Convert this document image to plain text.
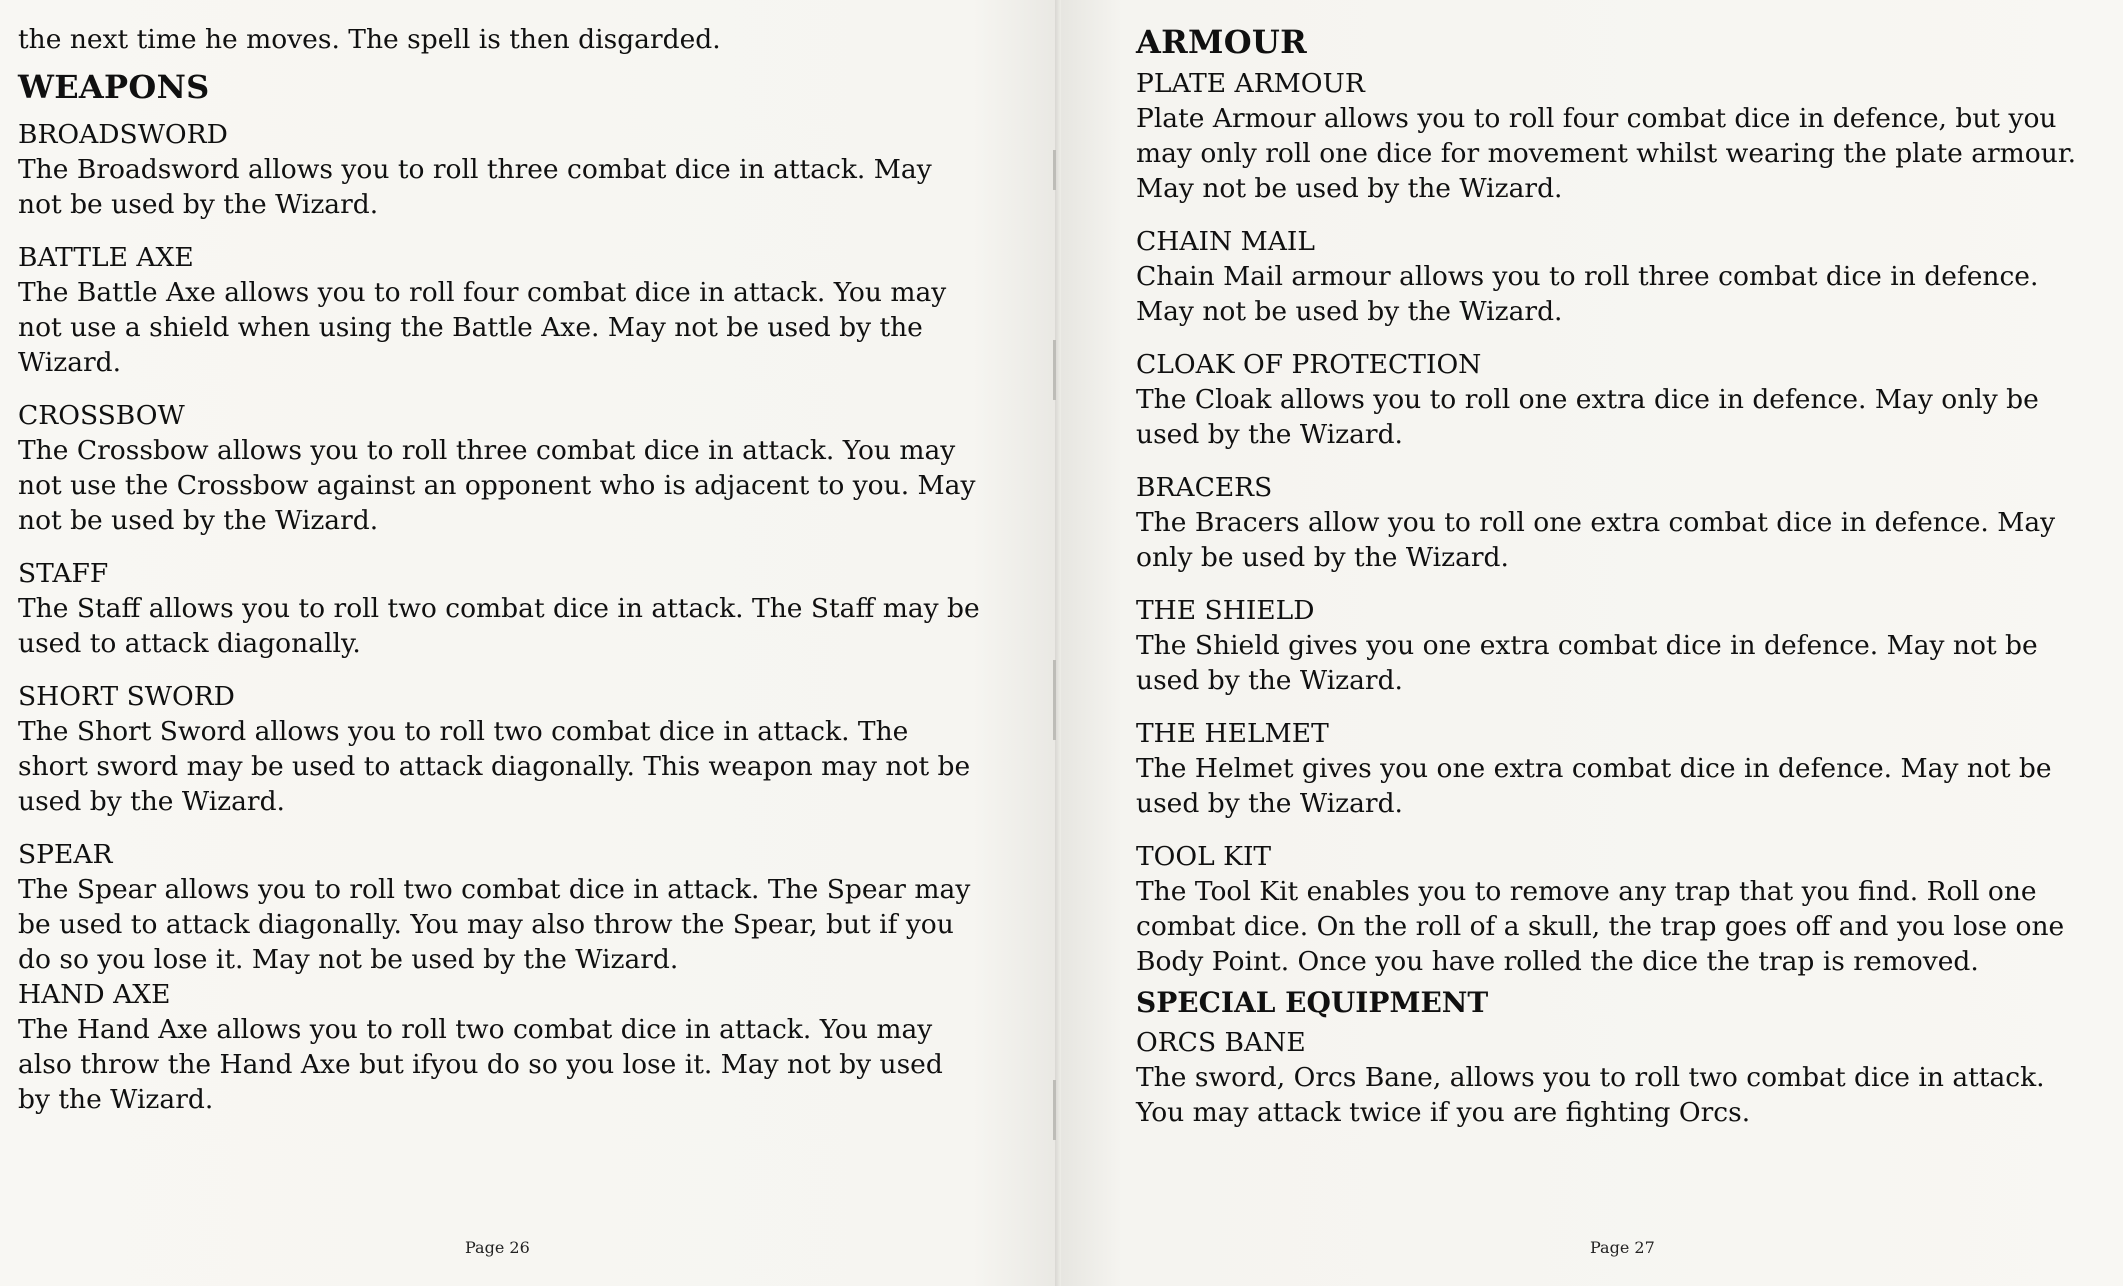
the next time he moves. The spell is then disgarded.
WEAPONS
BROADSWORD
The Broadsword allows you to roll three combat dice in attack. May not be used by the Wizard.
BATTLE AXE
The Battle Axe allows you to roll four combat dice in attack. You may not use a shield when using the Battle Axe. May not be used by the Wizard.
CROSSBOW
The Crossbow allows you to roll three combat dice in attack. You may not use the Crossbow against an opponent who is adjacent to you. May not be used by the Wizard.
STAFF
The Staff allows you to roll two combat dice in attack. The Staff may be used to attack diagonally.
SHORT SWORD
The Short Sword allows you to roll two combat dice in attack. The short sword may be used to attack diagonally. This weapon may not be used by the Wizard.
SPEAR
The Spear allows you to roll two combat dice in attack. The Spear may be used to attack diagonally. You may also throw the Spear, but if you do so you lose it. May not be used by the Wizard.
HAND AXE
The Hand Axe allows you to roll two combat dice in attack. You may also throw the Hand Axe but ifyou do so you lose it. May not by used by the Wizard.
Page 26
ARMOUR
PLATE ARMOUR
Plate Armour allows you to roll four combat dice in defence, but you may only roll one dice for movement whilst wearing the plate armour. May not be used by the Wizard.
CHAIN MAIL
Chain Mail armour allows you to roll three combat dice in defence. May not be used by the Wizard.
CLOAK OF PROTECTION
The Cloak allows you to roll one extra dice in defence. May only be used by the Wizard.
BRACERS
The Bracers allow you to roll one extra combat dice in defence. May only be used by the Wizard.
THE SHIELD
The Shield gives you one extra combat dice in defence. May not be used by the Wizard.
THE HELMET
The Helmet gives you one extra combat dice in defence. May not be used by the Wizard.
TOOL KIT
The Tool Kit enables you to remove any trap that you find. Roll one combat dice. On the roll of a skull, the trap goes off and you lose one Body Point. Once you have rolled the dice the trap is removed.
SPECIAL EQUIPMENT
ORCS BANE
The sword, Orcs Bane, allows you to roll two combat dice in attack. You may attack twice if you are fighting Orcs.
Page 27
